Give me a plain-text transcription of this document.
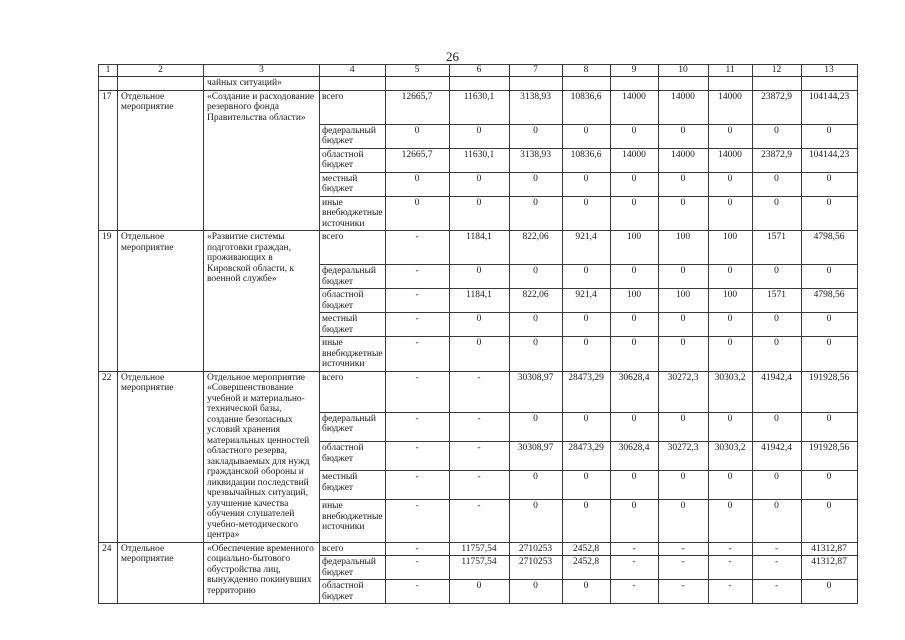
26
1	2	3	4	5	6	7	8	9	10	11	12	13
		чайных ситуаций»										
17	Отдельное мероприятие	«Создание и расходование резервного фонда Правительства области»	всего	12665,7	11630,1	3138,93	10836,6	14000	14000	14000	23872,9	104144,23
			федеральный бюджет	0	0	0	0	0	0	0	0	0
			областной бюджет	12665,7	11630,1	3138,93	10836,6	14000	14000	14000	23872,9	104144,23
			местный бюджет	0	0	0	0	0	0	0	0	0
			иные внебюджетные источники	0	0	0	0	0	0	0	0	0
19	Отдельное мероприятие	«Развитие системы подготовки граждан, проживающих в Кировской области, к военной службе»	всего	-	1184,1	822,06	921,4	100	100	100	1571	4798,56
			федеральный бюджет	-	0	0	0	0	0	0	0	0
			областной бюджет	-	1184,1	822,06	921,4	100	100	100	1571	4798,56
			местный бюджет	-	0	0	0	0	0	0	0	0
			иные внебюджетные источники	-	0	0	0	0	0	0	0	0
22	Отдельное мероприятие	Отдельное мероприятие «Совершенствование учебной и материально-технической базы, создание безопасных условий хранения материальных ценностей областного резерва, закладываемых для нужд гражданской обороны и ликвидации последствий чрезвычайных ситуаций, улучшение качества обучения слушателей учебно-методического центра»	всего	-	-	30308,97	28473,29	30628,4	30272,3	30303,2	41942,4	191928,56
			федеральный бюджет	-	-	0	0	0	0	0	0	0
			областной бюджет	-	-	30308,97	28473,29	30628,4	30272,3	30303,2	41942,4	191928,56
			местный бюджет	-	-	0	0	0	0	0	0	0
			иные внебюджетные источники	-	-	0	0	0	0	0	0	0
24	Отдельное мероприятие	«Обеспечение временного социально-бытового обустройства лиц, вынужденно покинувших территорию	всего	-	11757,54	2710253	2452,8	-	-	-	-	41312,87
			федеральный бюджет	-	11757,54	2710253	2452,8	-	-	-	-	41312,87
			областной бюджет	-	0	0	0	-	-	-	-	0
